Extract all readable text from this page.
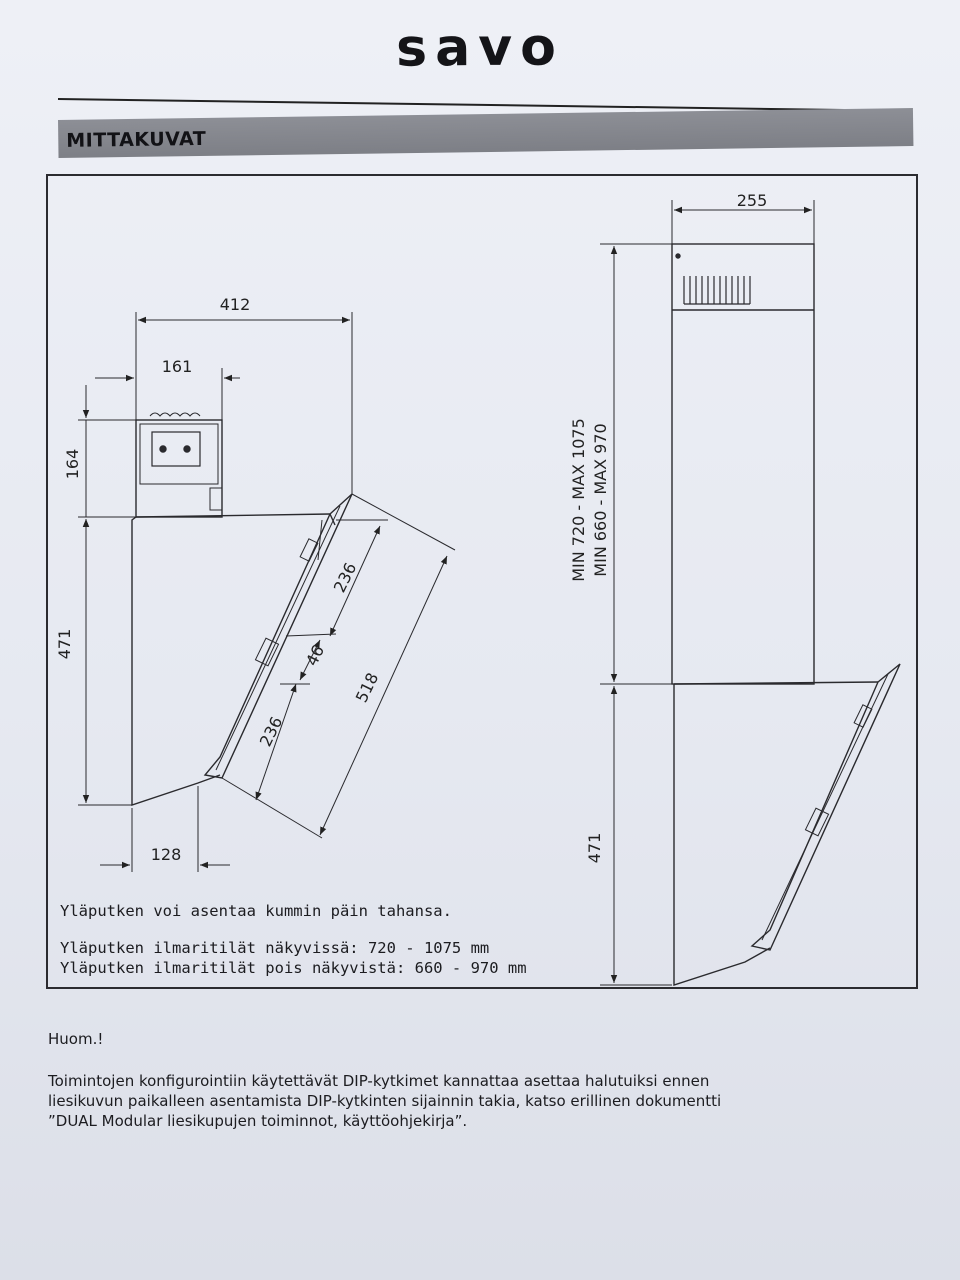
savo
MITTAKUVAT
412
161
164
471
128
236
46
236
518
255
MIN 720 - MAX 1075 MIN 660 - MAX 970
471
Yläputken voi asentaa kummin päin tahansa.
Yläputken ilmaritilät näkyvissä: 720 - 1075 mm
Yläputken ilmaritilät pois näkyvistä: 660 - 970 mm
Huom.!
Toimintojen konfigurointiin käytettävät DIP-kytkimet kannattaa asettaa halutuiksi ennen
liesikuvun paikalleen asentamista DIP-kytkinten sijainnin takia, katso erillinen dokumentti
”DUAL Modular liesikupujen toiminnot, käyttöohjekirja”.
